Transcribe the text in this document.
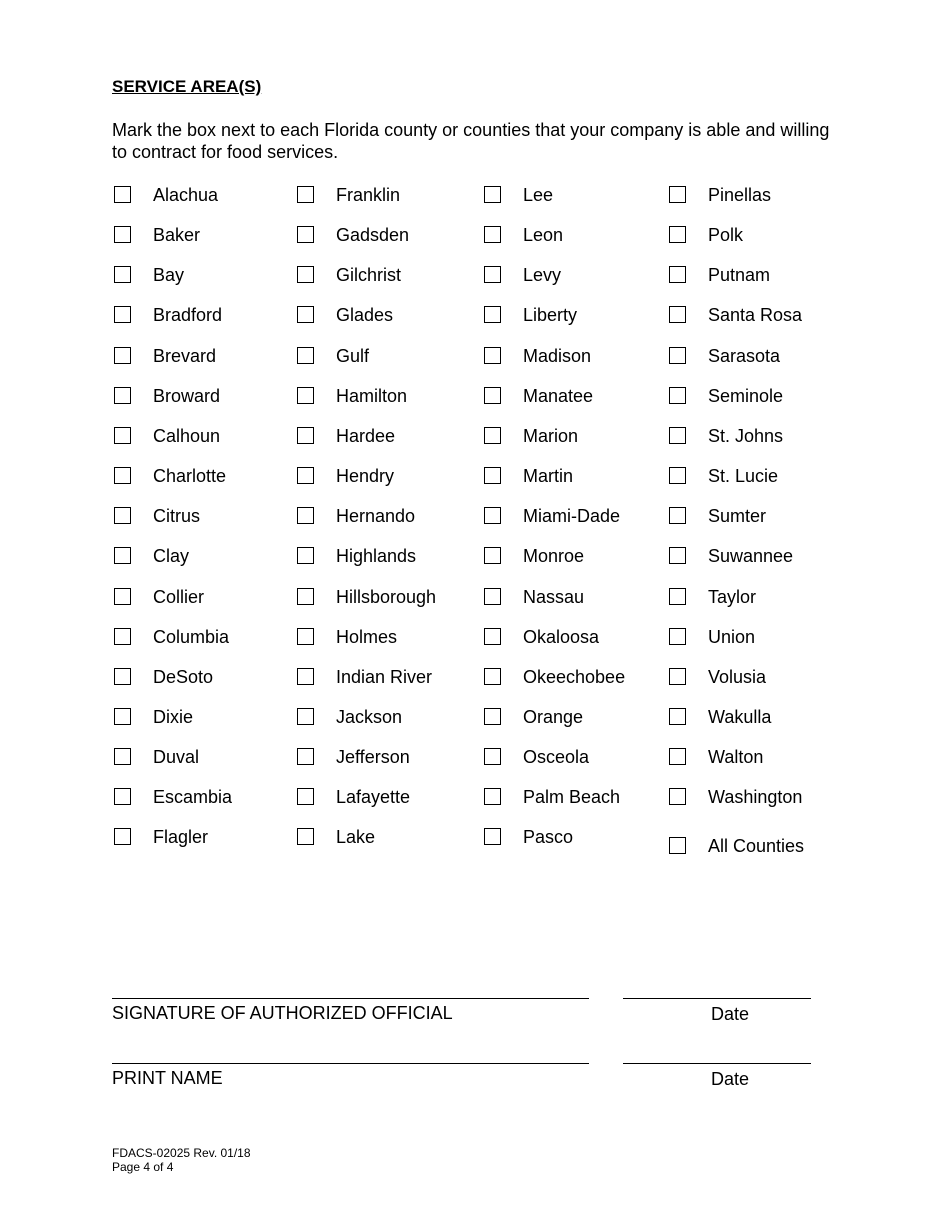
SERVICE AREA(S)

Mark the box next to each Florida county or counties that your company is able and willing to contract for food services.

Alachua
Baker
Bay
Bradford
Brevard
Broward
Calhoun
Charlotte
Citrus
Clay
Collier
Columbia
DeSoto
Dixie
Duval
Escambia
Flagler
Franklin
Gadsden
Gilchrist
Glades
Gulf
Hamilton
Hardee
Hendry
Hernando
Highlands
Hillsborough
Holmes
Indian River
Jackson
Jefferson
Lafayette
Lake
Lee
Leon
Levy
Liberty
Madison
Manatee
Marion
Martin
Miami-Dade
Monroe
Nassau
Okaloosa
Okeechobee
Orange
Osceola
Palm Beach
Pasco
Pinellas
Polk
Putnam
Santa Rosa
Sarasota
Seminole
St. Johns
St. Lucie
Sumter
Suwannee
Taylor
Union
Volusia
Wakulla
Walton
Washington
All Counties
SIGNATURE OF AUTHORIZED OFFICIAL	Date
PRINT NAME	Date
FDACS-02025 Rev. 01/18
Page 4 of 4
